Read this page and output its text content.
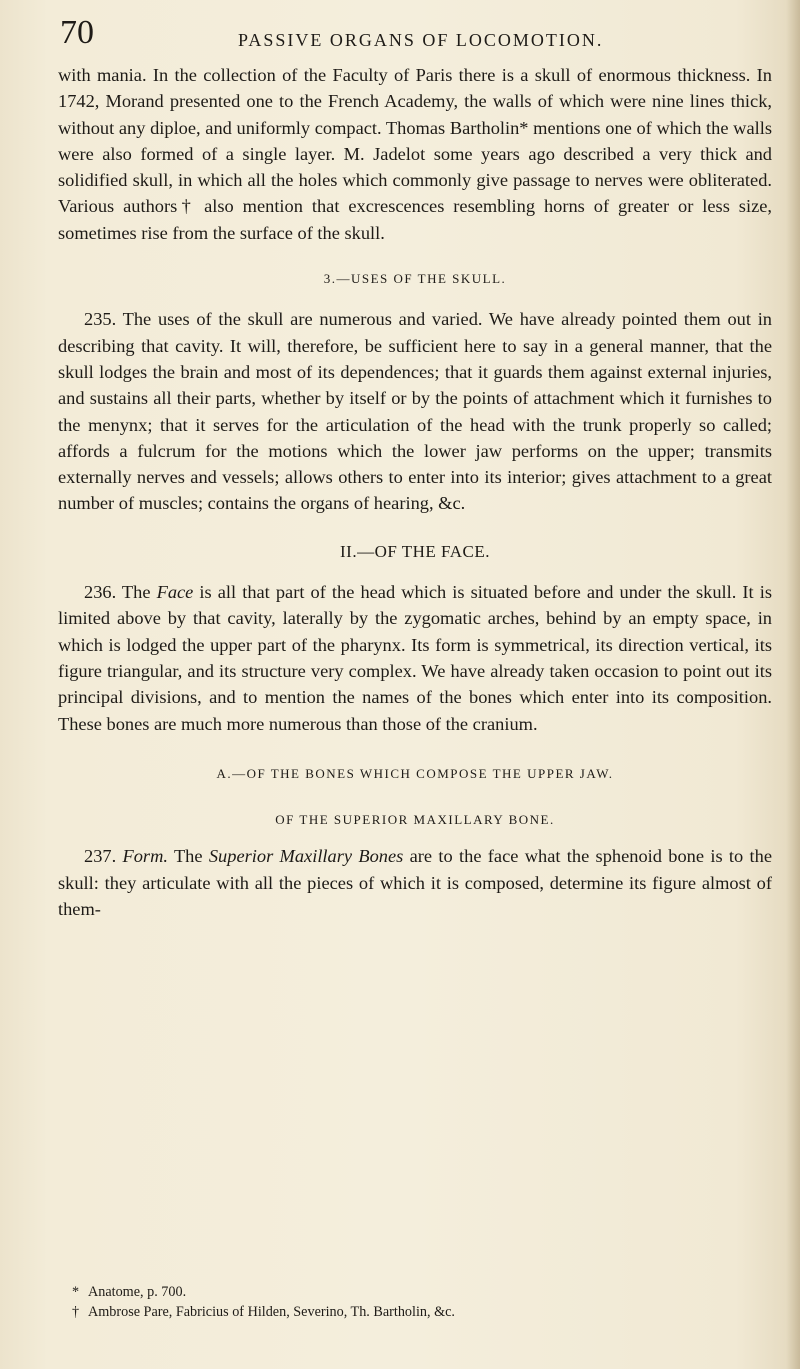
70	PASSIVE ORGANS OF LOCOMOTION.

with mania. In the collection of the Faculty of Paris there is a skull of enormous thickness. In 1742, Morand presented one to the French Academy, the walls of which were nine lines thick, without any diploe, and uniformly compact. Thomas Bartholin* mentions one of which the walls were also formed of a single layer. M. Jadelot some years ago described a very thick and solidified skull, in which all the holes which commonly give passage to nerves were obliterated. Various authors† also mention that excrescences resembling horns of greater or less size, sometimes rise from the surface of the skull.

3.—USES OF THE SKULL.

235. The uses of the skull are numerous and varied. We have already pointed them out in describing that cavity. It will, therefore, be sufficient here to say in a general manner, that the skull lodges the brain and most of its dependences; that it guards them against external injuries, and sustains all their parts, whether by itself or by the points of attachment which it furnishes to the menynx; that it serves for the articulation of the head with the trunk properly so called; affords a fulcrum for the motions which the lower jaw performs on the upper; transmits externally nerves and vessels; allows others to enter into its interior; gives attachment to a great number of muscles; contains the organs of hearing, &c.

II.—OF THE FACE.

236. The Face is all that part of the head which is situated before and under the skull. It is limited above by that cavity, laterally by the zygomatic arches, behind by an empty space, in which is lodged the upper part of the pharynx. Its form is symmetrical, its direction vertical, its figure triangular, and its structure very complex. We have already taken occasion to point out its principal divisions, and to mention the names of the bones which enter into its composition. These bones are much more numerous than those of the cranium.

A.—OF THE BONES WHICH COMPOSE THE UPPER JAW.

OF THE SUPERIOR MAXILLARY BONE.

237. Form. The Superior Maxillary Bones are to the face what the sphenoid bone is to the skull: they articulate with all the pieces of which it is composed, determine its figure almost of them-

* Anatome, p. 700.

† Ambrose Pare, Fabricius of Hilden, Severino, Th. Bartholin, &c.
